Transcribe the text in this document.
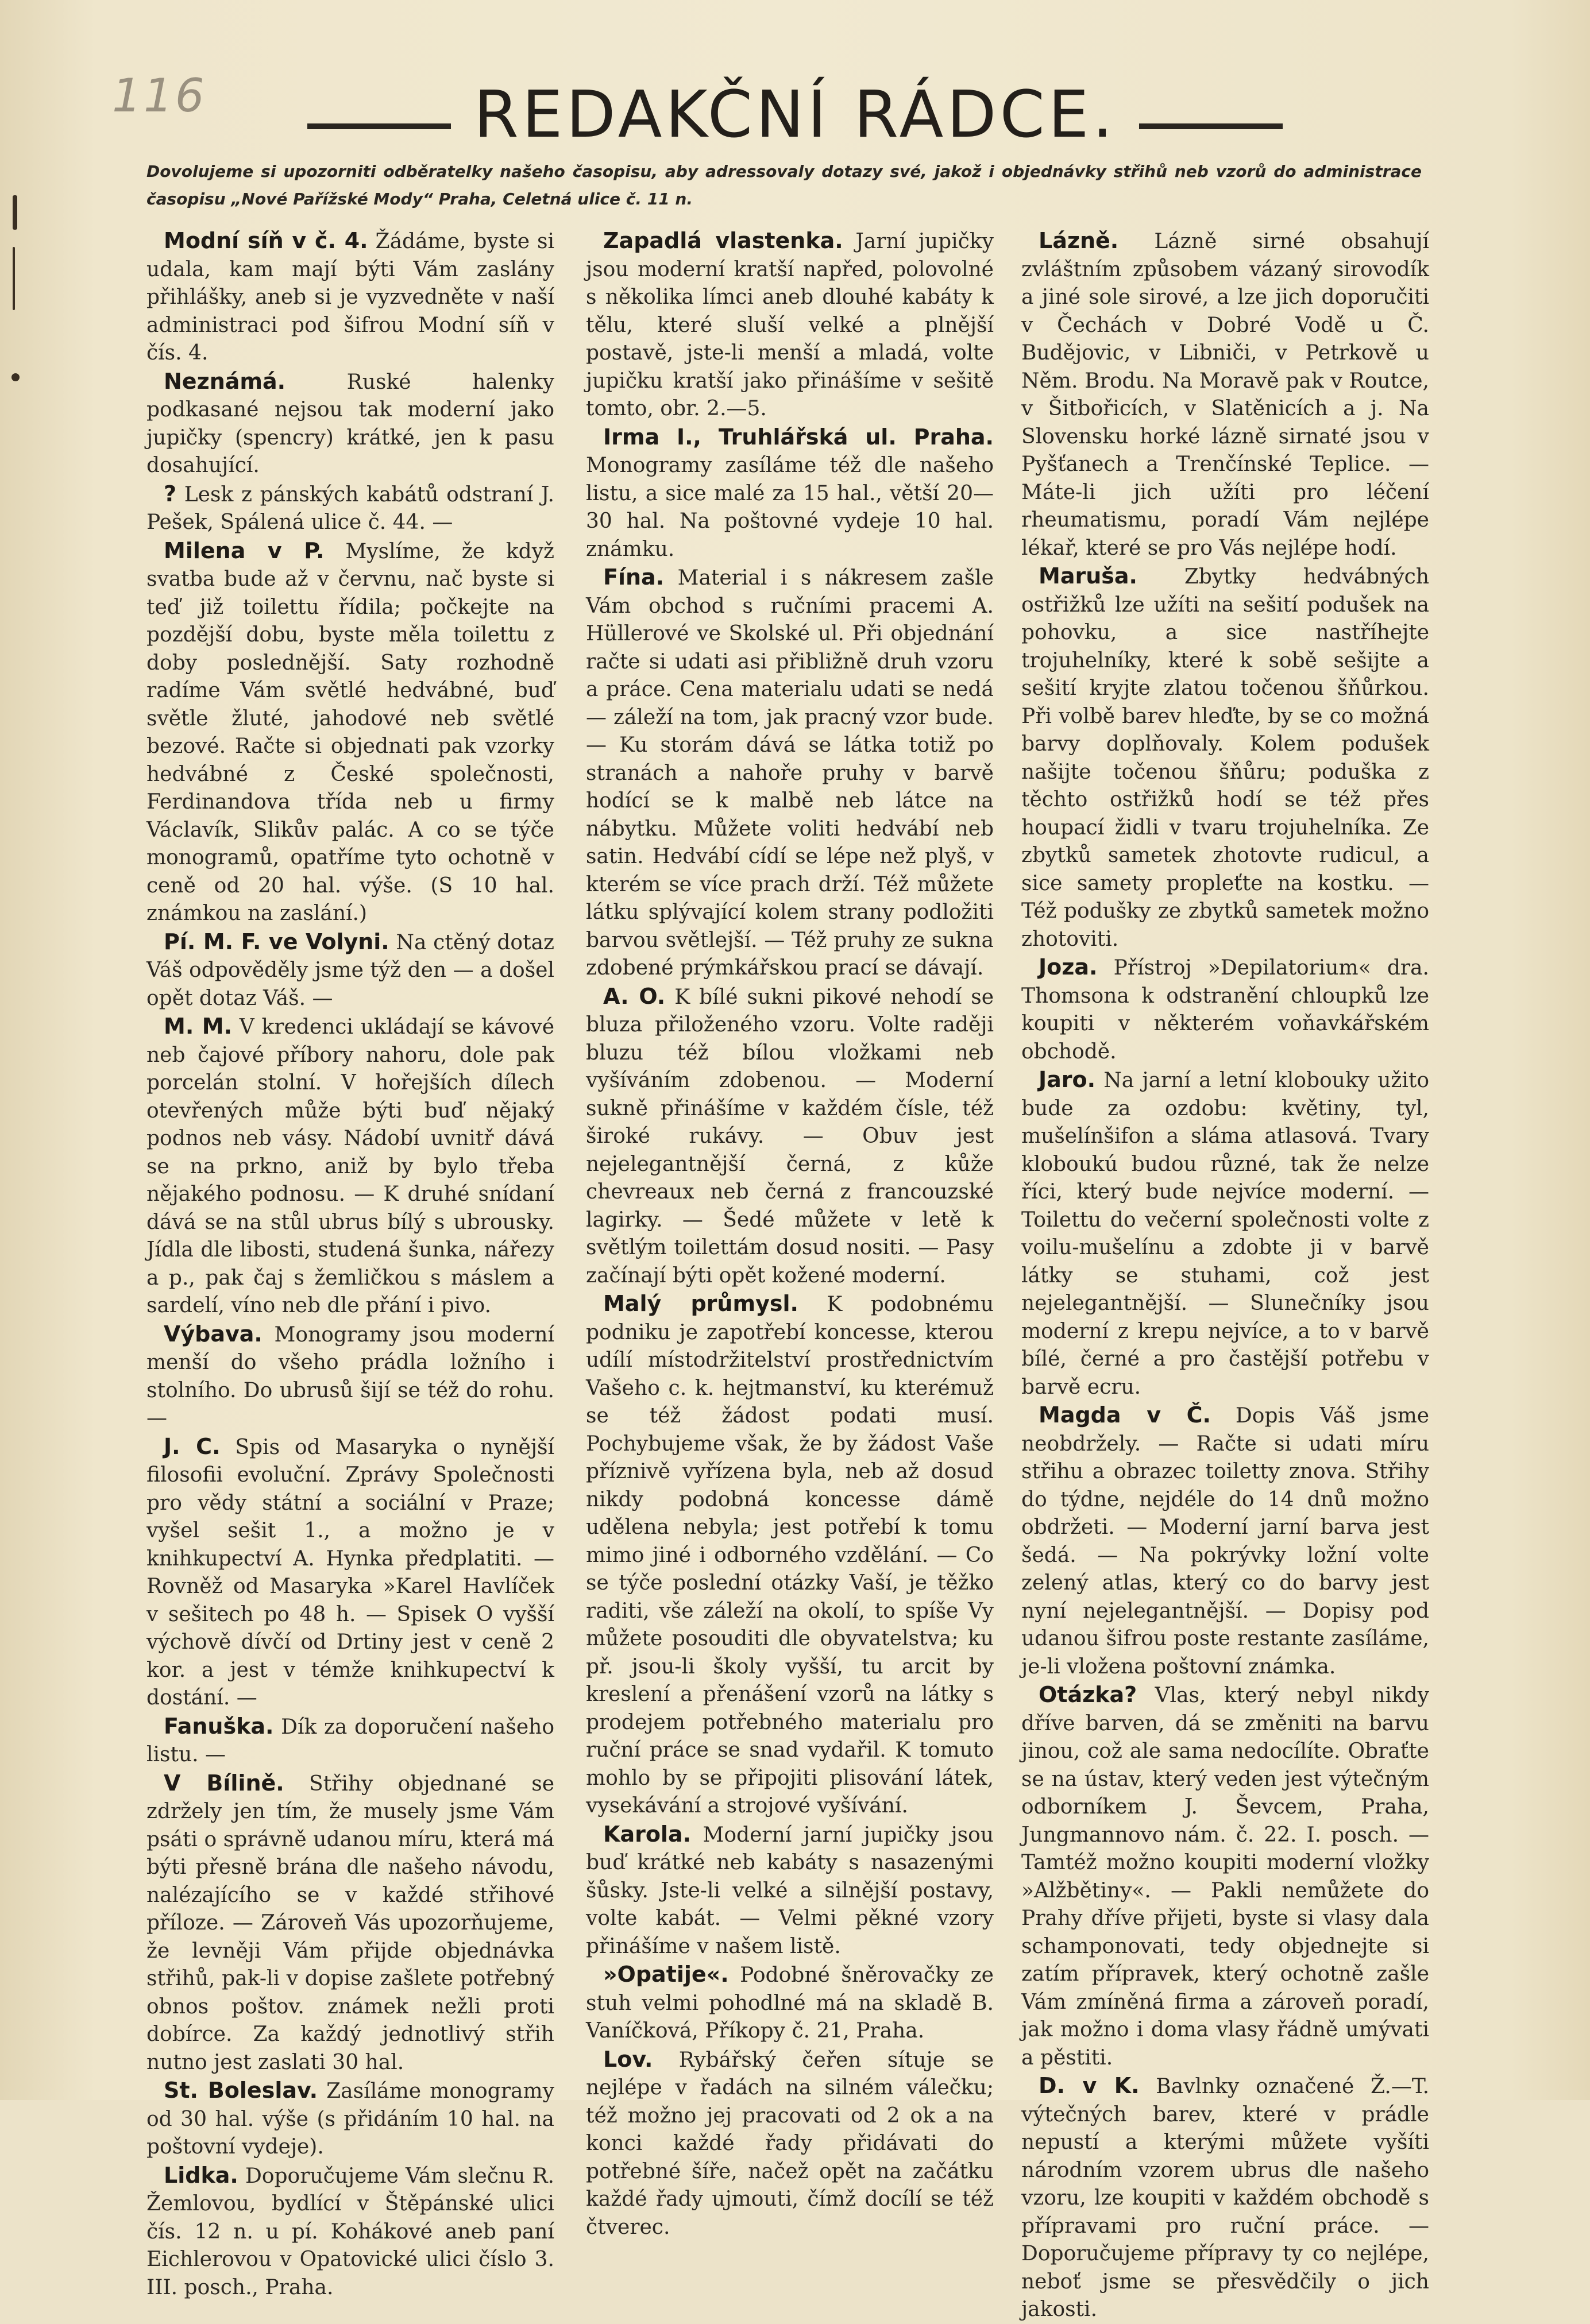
116	REDAKČNÍ RÁDCE.
Dovolujeme si upozorniti odběratelky našeho časopisu, aby adressovaly dotazy své, jakož i objednávky střihů neb vzorů do administrace časopisu „Nové Pařížské Mody“ Praha, Celetná ulice č. 11 n.

Modní síň v č. 4. Žádáme, byste si udala, kam mají býti Vám zaslány přihlášky, aneb si je vyzvedněte v naší administraci pod šifrou Modní síň v čís. 4.

Neznámá. Ruské halenky podkasané nejsou tak moderní jako jupičky (spencry) krátké, jen k pasu dosahující.

? Lesk z pánských kabátů odstraní J. Pešek, Spálená ulice č. 44. —

Milena v P. Myslíme, že když svatba bude až v červnu, nač byste si teď již toilettu řídila; počkejte na pozdější dobu, byste měla toilettu z doby poslednější. Saty rozhodně radíme Vám světlé hedvábné, buď světle žluté, jahodové neb světlé bezové. Račte si objednati pak vzorky hedvábné z České společnosti, Ferdinandova třída neb u firmy Václavík, Slikův palác. A co se týče monogramů, opatříme tyto ochotně v ceně od 20 hal. výše. (S 10 hal. známkou na zaslání.)

Pí. M. F. ve Volyni. Na ctěný dotaz Váš odpověděly jsme týž den — a došel opět dotaz Váš. —

M. M. V kredenci ukládají se kávové neb čajové příbory nahoru, dole pak porcelán stolní. V hořejších dílech otevřených může býti buď nějaký podnos neb vásy. Nádobí uvnitř dává se na prkno, aniž by bylo třeba nějakého podnosu. — K druhé snídaní dává se na stůl ubrus bílý s ubrousky. Jídla dle libosti, studená šunka, nářezy a p., pak čaj s žemličkou s máslem a sardelí, víno neb dle přání i pivo.

Výbava. Monogramy jsou moderní menší do všeho prádla ložního i stolního. Do ubrusů šijí se též do rohu. —

J. C. Spis od Masaryka o nynější filosofii evoluční. Zprávy Společnosti pro vědy státní a sociální v Praze; vyšel sešit 1., a možno je v knihkupectví A. Hynka předplatiti. — Rovněž od Masaryka »Karel Havlíček v sešitech po 48 h. — Spisek O vyšší výchově dívčí od Drtiny jest v ceně 2 kor. a jest v témže knihkupectví k dostání. —

Fanuška. Dík za doporučení našeho listu. —

V Bílině. Střihy objednané se zdržely jen tím, že musely jsme Vám psáti o správně udanou míru, která má býti přesně brána dle našeho návodu, nalézajícího se v každé střihové příloze. — Zároveň Vás upozorňujeme, že levněji Vám přijde objednávka střihů, pak-li v dopise zašlete potřebný obnos poštov. známek nežli proti dobírce. Za každý jednotlivý střih nutno jest zaslati 30 hal.

St. Boleslav. Zasíláme monogramy od 30 hal. výše (s přidáním 10 hal. na poštovní vydeje).

Lidka. Doporučujeme Vám slečnu R. Žemlovou, bydlící v Štěpánské ulici čís. 12 n. u pí. Kohákové aneb paní Eichlerovou v Opatovické ulici číslo 3. III. posch., Praha.

Zapadlá vlastenka. Jarní jupičky jsou moderní kratší napřed, polovolné s několika límci aneb dlouhé kabáty k tělu, které sluší velké a plnější postavě, jste-li menší a mladá, volte jupičku kratší jako přinášíme v sešitě tomto, obr. 2.—5.

Irma I., Truhlářská ul. Praha. Monogramy zasíláme též dle našeho listu, a sice malé za 15 hal., větší 20—30 hal. Na poštovné vydeje 10 hal. známku.

Fína. Material i s nákresem zašle Vám obchod s ručními pracemi A. Hüllerové ve Skolské ul. Při objednání račte si udati asi přibližně druh vzoru a práce. Cena materialu udati se nedá — záleží na tom, jak pracný vzor bude. — Ku storám dává se látka totiž po stranách a nahoře pruhy v barvě hodící se k malbě neb látce na nábytku. Můžete voliti hedvábí neb satin. Hedvábí cídí se lépe než plyš, v kterém se více prach drží. Též můžete látku splývající kolem strany podložiti barvou světlejší. — Též pruhy ze sukna zdobené prýmkářskou prací se dávají.

A. O. K bílé sukni pikové nehodí se bluza přiloženého vzoru. Volte raději bluzu též bílou vložkami neb vyšíváním zdobenou. — Moderní sukně přinášíme v každém čísle, též široké rukávy. — Obuv jest nejelegantnější černá, z kůže chevreaux neb černá z francouzské lagirky. — Šedé můžete v letě k světlým toilettám dosud nositi. — Pasy začínají býti opět kožené moderní.

Malý průmysl. K podobnému podniku je zapotřebí koncesse, kterou udílí místodržitelství prostřednictvím Vašeho c. k. hejtmanství, ku kterémuž se též žádost podati musí. Pochybujeme však, že by žádost Vaše příznivě vyřízena byla, neb až dosud nikdy podobná koncesse dámě udělena nebyla; jest potřebí k tomu mimo jiné i odborného vzdělání. — Co se týče poslední otázky Vaší, je těžko raditi, vše záleží na okolí, to spíše Vy můžete posouditi dle obyvatelstva; ku př. jsou-li školy vyšší, tu arcit by kreslení a přenášení vzorů na látky s prodejem potřebného materialu pro ruční práce se snad vydařil. K tomuto mohlo by se připojiti plisování látek, vysekávání a strojové vyšívání.

Karola. Moderní jarní jupičky jsou buď krátké neb kabáty s nasazenými šůsky. Jste-li velké a silnější postavy, volte kabát. — Velmi pěkné vzory přinášíme v našem listě.

»Opatije«. Podobné šněrovačky ze stuh velmi pohodlné má na skladě B. Vaníčková, Příkopy č. 21, Praha.

Lov. Rybářský čeřen sítuje se nejlépe v řadách na silném válečku; též možno jej pracovati od 2 ok a na konci každé řady přidávati do potřebné šíře, načež opět na začátku každé řady ujmouti, čímž docílí se též čtverec.

Lázně. Lázně sirné obsahují zvláštním způsobem vázaný sirovodík a jiné sole sirové, a lze jich doporučiti v Čechách v Dobré Vodě u Č. Budějovic, v Libniči, v Petrkově u Něm. Brodu. Na Moravě pak v Routce, v Šitbořicích, v Slatěnicích a j. Na Slovensku horké lázně sirnaté jsou v Pyšťanech a Trenčínské Teplice. — Máte-li jich užíti pro léčení rheumatismu, poradí Vám nejlépe lékař, které se pro Vás nejlépe hodí.

Maruša. Zbytky hedvábných ostřižků lze užíti na sešití podušek na pohovku, a sice nastříhejte trojuhelníky, které k sobě sešijte a sešití kryjte zlatou točenou šňůrkou. Při volbě barev hleďte, by se co možná barvy doplňovaly. Kolem podušek našijte točenou šňůru; poduška z těchto ostřižků hodí se též přes houpací židli v tvaru trojuhelníka. Ze zbytků sametek zhotovte rudicul, a sice samety propleťte na kostku. — Též podušky ze zbytků sametek možno zhotoviti.

Joza. Přístroj »Depilatorium« dra. Thomsona k odstranění chloupků lze koupiti v některém voňavkářském obchodě.

Jaro. Na jarní a letní klobouky užito bude za ozdobu: květiny, tyl, mušelínšifon a sláma atlasová. Tvary kloboukú budou různé, tak že nelze říci, který bude nejvíce moderní. — Toilettu do večerní společnosti volte z voilu-mušelínu a zdobte ji v barvě látky se stuhami, což jest nejelegantnější. — Slunečníky jsou moderní z krepu nejvíce, a to v barvě bílé, černé a pro častější potřebu v barvě ecru.

Magda v Č. Dopis Váš jsme neobdržely. — Račte si udati míru střihu a obrazec toiletty znova. Střihy do týdne, nejdéle do 14 dnů možno obdržeti. — Moderní jarní barva jest šedá. — Na pokrývky ložní volte zelený atlas, který co do barvy jest nyní nejelegantnější. — Dopisy pod udanou šifrou poste restante zasíláme, je-li vložena poštovní známka.

Otázka? Vlas, který nebyl nikdy dříve barven, dá se změniti na barvu jinou, což ale sama nedocílíte. Obraťte se na ústav, který veden jest výtečným odborníkem J. Ševcem, Praha, Jungmannovo nám. č. 22. I. posch. — Tamtéž možno koupiti moderní vložky »Alžbětiny«. — Pakli nemůžete do Prahy dříve přijeti, byste si vlasy dala schamponovati, tedy objednejte si zatím přípravek, který ochotně zašle Vám zmíněná firma a zároveň poradí, jak možno i doma vlasy řádně umývati a pěstiti.

D. v K. Bavlnky označené Ž.—T. výtečných barev, které v prádle nepustí a kterými můžete vyšíti národním vzorem ubrus dle našeho vzoru, lze koupiti v každém obchodě s přípravami pro ruční práce. — Doporučujeme přípravy ty co nejlépe, neboť jsme se přesvědčily o jich jakosti.
